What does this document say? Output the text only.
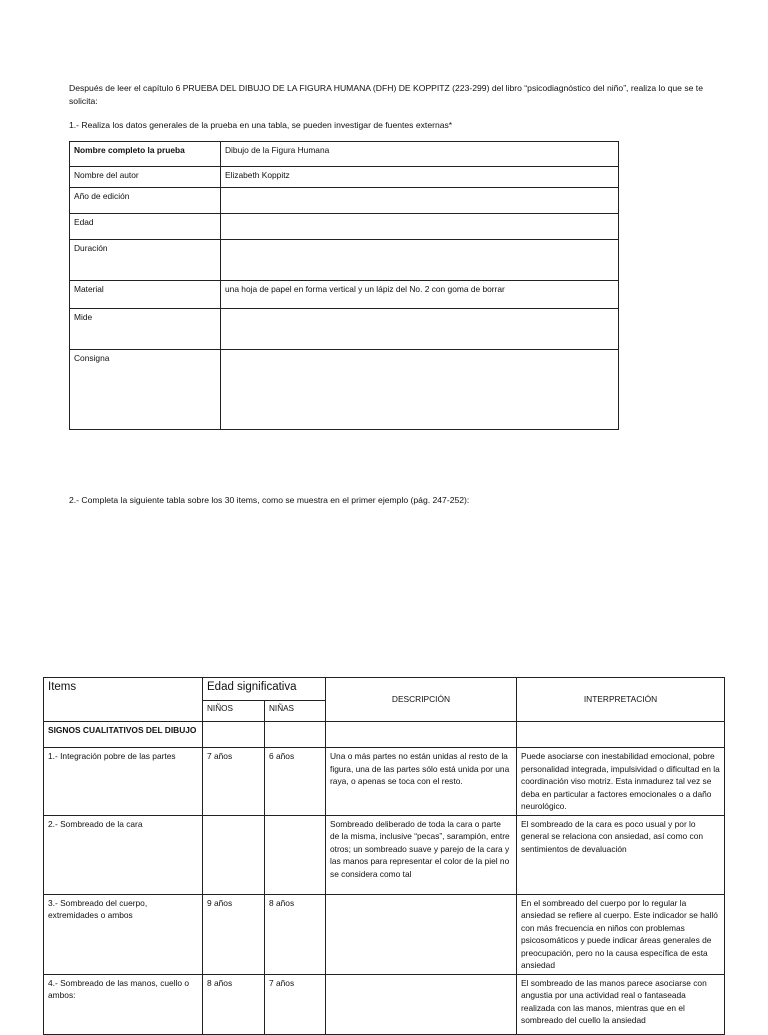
Después de leer el capítulo 6 PRUEBA DEL DIBUJO DE LA FIGURA HUMANA (DFH) DE KOPPITZ (223-299) del libro “psicodiagnóstico del niño”, realiza lo que se te solicita:

1.- Realiza los datos generales de la prueba en una tabla, se pueden investigar de fuentes externas*

Nombre completo la prueba	Dibujo de la Figura Humana
Nombre del autor	Elizabeth Koppitz
Año de edición	
Edad	
Duración	
Material	una hoja de papel en forma vertical y un lápiz del No. 2 con goma de borrar
Mide	
Consigna	

2.- Completa la siguiente tabla sobre los 30 items, como se muestra en el primer ejemplo (pág. 247-252):

Items	Edad significativa		DESCRIPCIÓN	INTERPRETACIÓN
	NIÑOS	NIÑAS		
SIGNOS CUALITATIVOS DEL DIBUJO				
1.- Integración pobre de las partes	7 años	6 años	Una o más partes no están unidas al resto de la figura, una de las partes sólo está unida por una raya, o apenas se toca con el resto.	Puede asociarse con inestabilidad emocional, pobre personalidad integrada, impulsividad o dificultad en la coordinación viso motriz. Esta inmadurez tal vez se deba en particular a factores emocionales o a daño neurológico.
2.- Sombreado de la cara			Sombreado deliberado de toda la cara o parte de la misma, inclusive “pecas”, sarampión, entre otros; un sombreado suave y parejo de la cara y las manos para representar el color de la piel no se considera como tal	El sombreado de la cara es poco usual y por lo general se relaciona con ansiedad, así como con sentimientos de devaluación
3.- Sombreado del cuerpo, extremidades o ambos	9 años	8 años		En el sombreado del cuerpo por lo regular la ansiedad se refiere al cuerpo. Este indicador se halló con más frecuencia en niños con problemas psicosomáticos y puede indicar áreas generales de preocupación, pero no la causa específica de esta ansiedad
4.- Sombreado de las manos, cuello o ambos:	8 años	7 años		El sombreado de las manos parece asociarse con angustia por una actividad real o fantaseada realizada con las manos, mientras que en el sombreado del cuello la ansiedad
